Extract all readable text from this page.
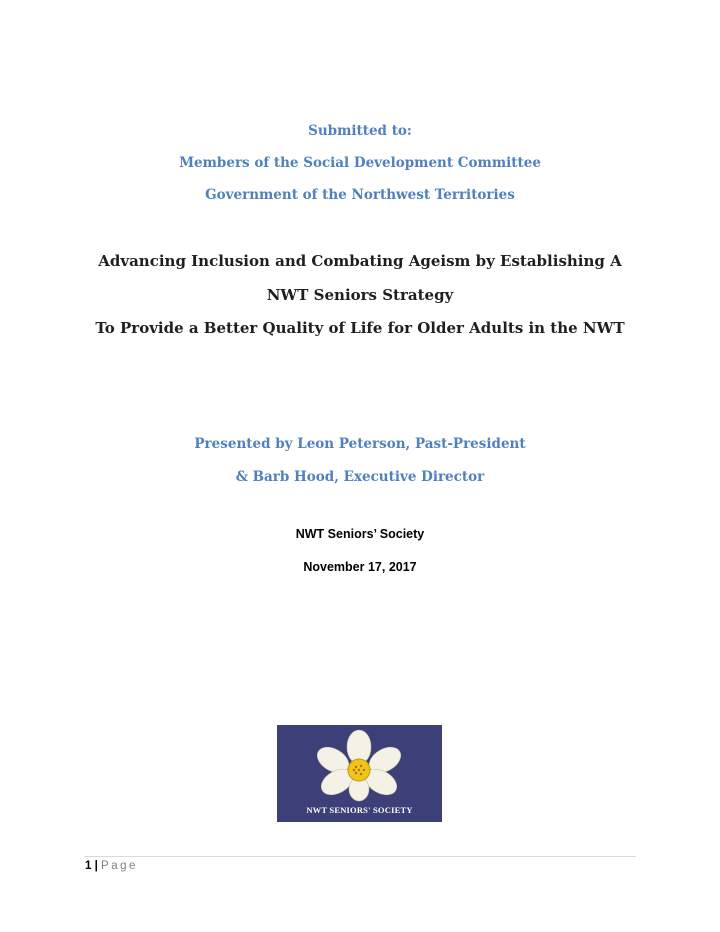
Submitted to:
Members of the Social Development Committee
Government of the Northwest Territories
Advancing Inclusion and Combating Ageism by Establishing A
NWT Seniors Strategy
To Provide a Better Quality of Life for Older Adults in the NWT
Presented by Leon Peterson, Past-President
& Barb Hood, Executive Director
NWT Seniors’ Society
November 17, 2017
NWT SENIORS' SOCIETY
1 | Page
